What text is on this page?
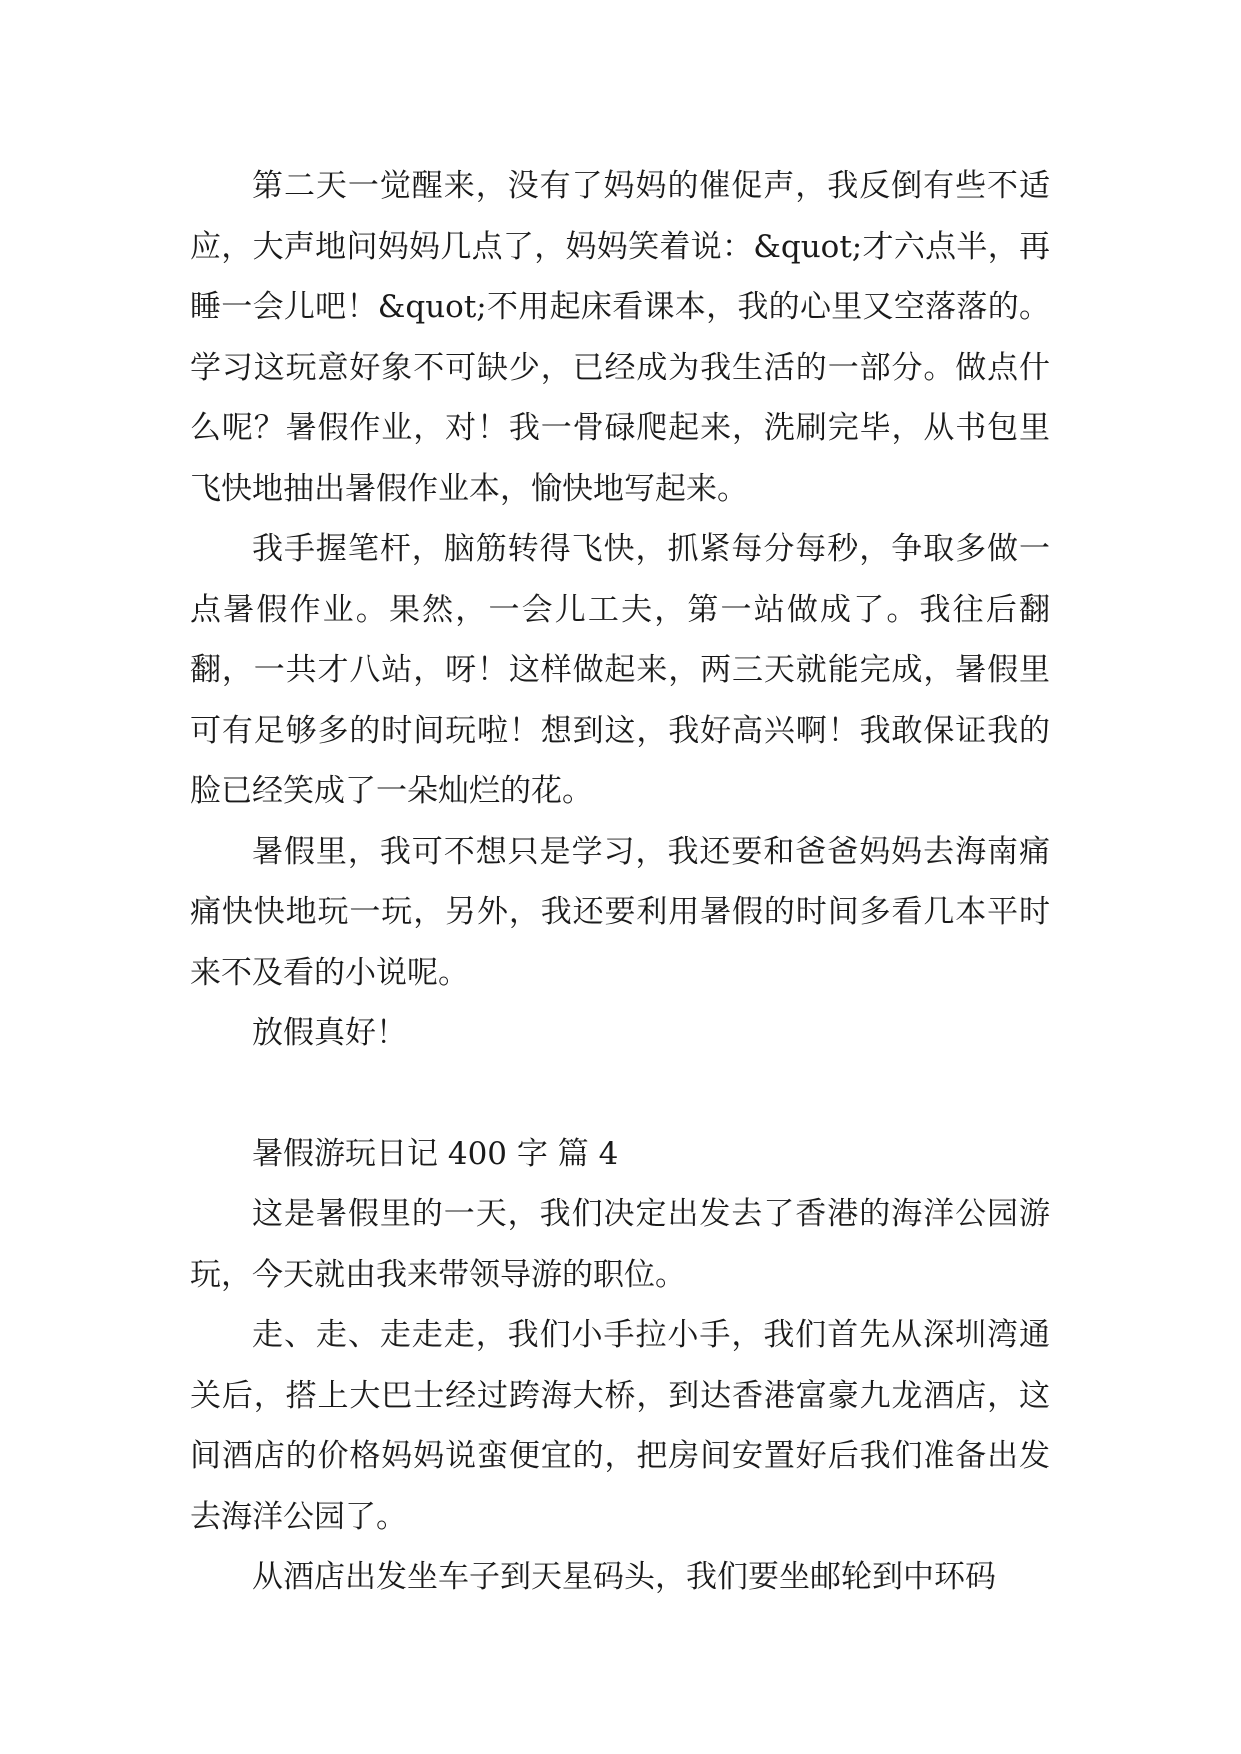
第二天一觉醒来，没有了妈妈的催促声，我反倒有些不适应，大声地问妈妈几点了，妈妈笑着说：&quot;才六点半，再睡一会儿吧！&quot;不用起床看课本，我的心里又空落落的。学习这玩意好象不可缺少，已经成为我生活的一部分。做点什么呢？暑假作业，对！我一骨碌爬起来，洗刷完毕，从书包里飞快地抽出暑假作业本，愉快地写起来。

我手握笔杆，脑筋转得飞快，抓紧每分每秒，争取多做一点暑假作业。果然，一会儿工夫，第一站做成了。我往后翻翻，一共才八站，呀！这样做起来，两三天就能完成，暑假里可有足够多的时间玩啦！想到这，我好高兴啊！我敢保证我的脸已经笑成了一朵灿烂的花。

暑假里，我可不想只是学习，我还要和爸爸妈妈去海南痛痛快快地玩一玩，另外，我还要利用暑假的时间多看几本平时来不及看的小说呢。

放假真好！

暑假游玩日记 400 字 篇 4

这是暑假里的一天，我们决定出发去了香港的海洋公园游玩，今天就由我来带领导游的职位。

走、走、走走走，我们小手拉小手，我们首先从深圳湾通关后，搭上大巴士经过跨海大桥，到达香港富豪九龙酒店，这间酒店的价格妈妈说蛮便宜的，把房间安置好后我们准备出发去海洋公园了。

从酒店出发坐车子到天星码头，我们要坐邮轮到中环码
